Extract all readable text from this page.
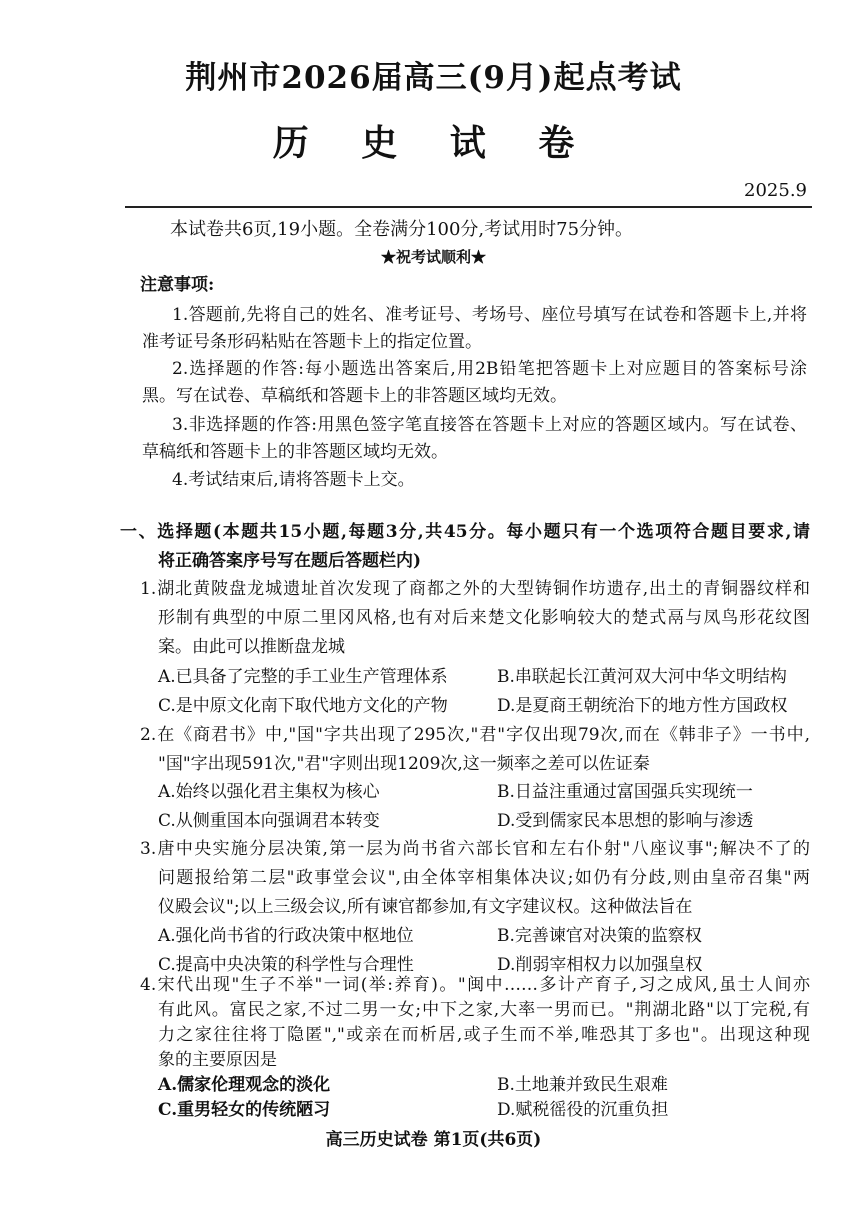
荆州市2026届高三(9月)起点考试
历 史 试 卷
2025.9
本试卷共6页,19小题。全卷满分100分,考试用时75分钟。
★祝考试顺利★
注意事项:
1.答题前,先将自己的姓名、准考证号、考场号、座位号填写在试卷和答题卡上,并将
准考证号条形码粘贴在答题卡上的指定位置。
2.选择题的作答:每小题选出答案后,用2B铅笔把答题卡上对应题目的答案标号涂
黑。写在试卷、草稿纸和答题卡上的非答题区域均无效。
3.非选择题的作答:用黑色签字笔直接答在答题卡上对应的答题区域内。写在试卷、
草稿纸和答题卡上的非答题区域均无效。
4.考试结束后,请将答题卡上交。
一、选择题(本题共15小题,每题3分,共45分。每小题只有一个选项符合题目要求,请
将正确答案序号写在题后答题栏内)
1.湖北黄陂盘龙城遗址首次发现了商都之外的大型铸铜作坊遗存,出土的青铜器纹样和
形制有典型的中原二里冈风格,也有对后来楚文化影响较大的楚式鬲与凤鸟形花纹图
案。由此可以推断盘龙城
A.已具备了完整的手工业生产管理体系	B.串联起长江黄河双大河中华文明结构
C.是中原文化南下取代地方文化的产物	D.是夏商王朝统治下的地方性方国政权
2.在《商君书》中,"国"字共出现了295次,"君"字仅出现79次,而在《韩非子》一书中,
"国"字出现591次,"君"字则出现1209次,这一频率之差可以佐证秦
A.始终以强化君主集权为核心	B.日益注重通过富国强兵实现统一
C.从侧重国本向强调君本转变	D.受到儒家民本思想的影响与渗透
3.唐中央实施分层决策,第一层为尚书省六部长官和左右仆射"八座议事";解决不了的
问题报给第二层"政事堂会议",由全体宰相集体决议;如仍有分歧,则由皇帝召集"两
仪殿会议";以上三级会议,所有谏官都参加,有文字建议权。这种做法旨在
A.强化尚书省的行政决策中枢地位	B.完善谏官对决策的监察权
C.提高中央决策的科学性与合理性	D.削弱宰相权力以加强皇权
4.宋代出现"生子不举"一词(举:养育)。"闽中……多计产育子,习之成风,虽士人间亦
有此风。富民之家,不过二男一女;中下之家,大率一男而已。"荆湖北路"以丁完税,有
力之家往往将丁隐匿","或亲在而析居,或子生而不举,唯恐其丁多也"。出现这种现
象的主要原因是
高三历史试卷 第1页(共6页)
A.儒家伦理观念的淡化	B.土地兼并致民生艰难
C.重男轻女的传统陋习	D.赋税徭役的沉重负担
